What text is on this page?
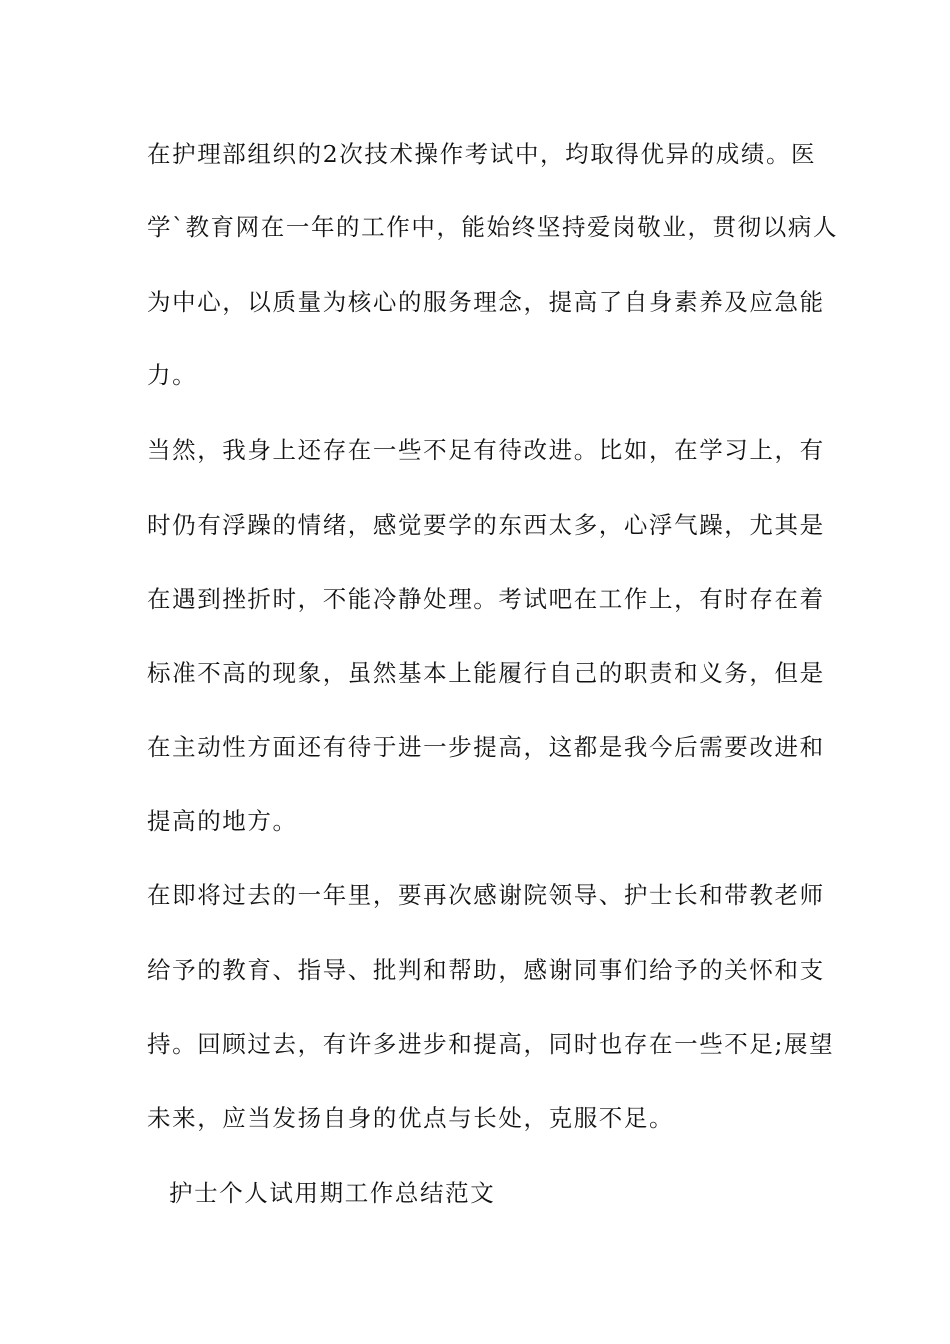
在护理部组织的2次技术操作考试中，均取得优异的成绩。医
学`教育网在一年的工作中，能始终坚持爱岗敬业，贯彻以病人
为中心，以质量为核心的服务理念，提高了自身素养及应急能
力。
当然，我身上还存在一些不足有待改进。比如，在学习上，有
时仍有浮躁的情绪，感觉要学的东西太多，心浮气躁，尤其是
在遇到挫折时，不能冷静处理。考试吧在工作上，有时存在着
标准不高的现象，虽然基本上能履行自己的职责和义务，但是
在主动性方面还有待于进一步提高，这都是我今后需要改进和
提高的地方。
在即将过去的一年里，要再次感谢院领导、护士长和带教老师
给予的教育、指导、批判和帮助，感谢同事们给予的关怀和支
持。回顾过去，有许多进步和提高，同时也存在一些不足;展望
未来，应当发扬自身的优点与长处，克服不足。
护士个人试用期工作总结范文
